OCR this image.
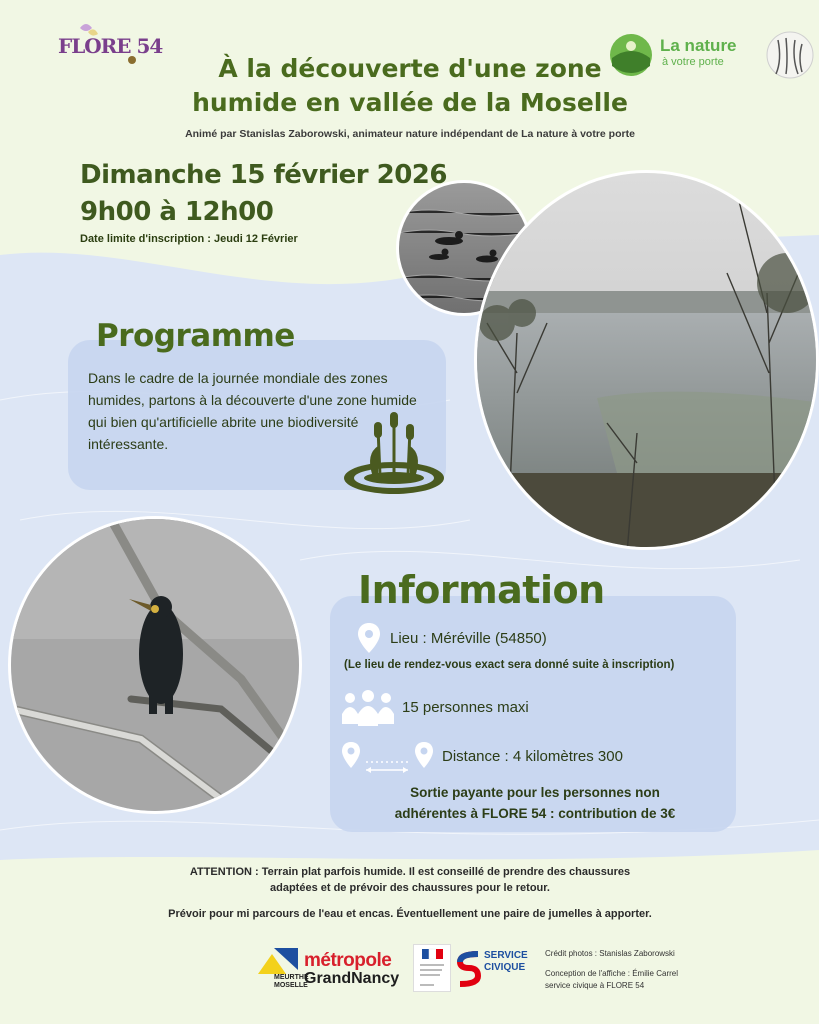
FLORE 54
À la découverte d'une zone
humide en vallée de la Moselle
La nature
à votre porte
Animé par Stanislas Zaborowski, animateur nature indépendant de La nature à votre porte
Dimanche 15 février 2026
9h00 à 12h00
Date limite d'inscription : Jeudi 12 Février
Programme
Dans le cadre de la journée mondiale des zones humides, partons à la découverte d'une zone humide qui bien qu'artificielle abrite une biodiversité intéressante.
Information
Lieu : Méréville (54850)
(Le lieu de rendez-vous exact sera donné suite à inscription)
15 personnes maxi
Distance : 4 kilomètres 300
Sortie payante pour les personnes non
adhérentes à FLORE 54 : contribution de 3€
ATTENTION : Terrain plat parfois humide. Il est conseillé de prendre des chaussures
adaptées et de prévoir des chaussures pour le retour.
Prévoir pour mi parcours de l'eau et encas. Éventuellement une paire de jumelles à apporter.
MEURTHE
MOSELLE
métropole
GrandNancy
SERVICE
CIVIQUE
Crédit photos : Stanislas Zaborowski
Conception de l'affiche : Émilie Carrel
service civique à FLORE 54
